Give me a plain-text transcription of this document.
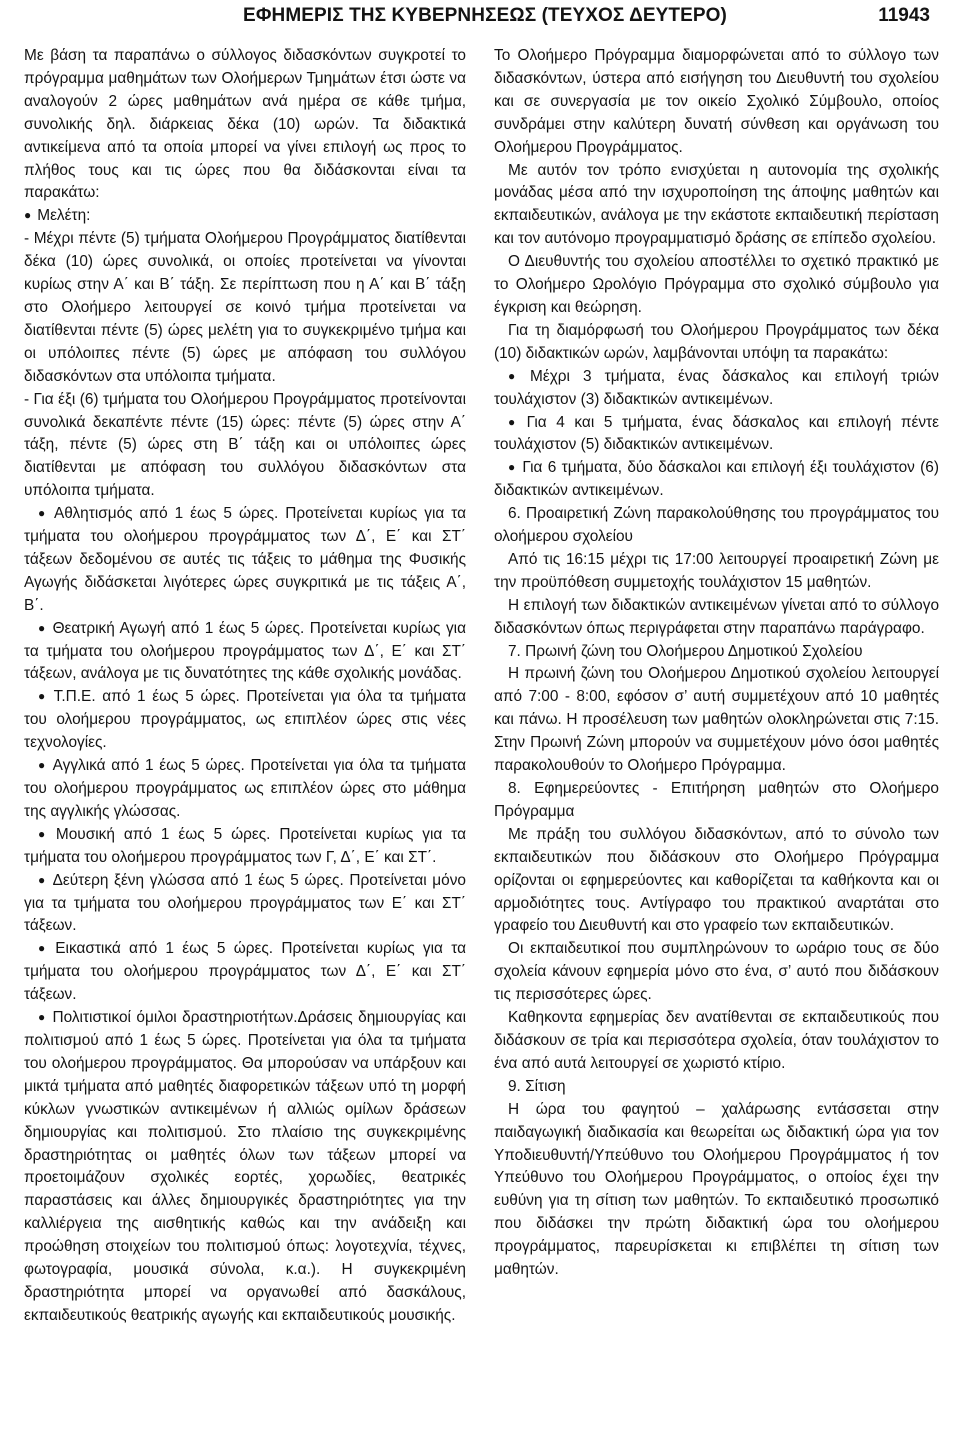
ΕΦΗΜΕΡΙΣ ΤΗΣ ΚΥΒΕΡΝΗΣΕΩΣ (ΤΕΥΧΟΣ ΔΕΥΤΕΡΟ)	11943

Με βάση τα παραπάνω ο σύλλογος διδασκόντων συγκροτεί το πρόγραμμα μαθημάτων των Ολοήμερων Τμημάτων έτσι ώστε να αναλογούν 2 ώρες μαθημάτων ανά ημέρα σε κάθε τμήμα, συνολικής δηλ. διάρκειας δέκα (10) ωρών. Τα διδακτικά αντικείμενα από τα οποία μπορεί να γίνει επιλογή ως προς το πλήθος τους και τις ώρες που θα διδάσκονται είναι τα παρακάτω:

● Μελέτη:

- Μέχρι πέντε (5) τμήματα Ολοήμερου Προγράμματος διατίθενται δέκα (10) ώρες συνολικά, οι οποίες προτείνεται να γίνονται κυρίως στην Α΄ και Β΄ τάξη. Σε περίπτωση που η Α΄ και Β΄ τάξη στο Ολοήμερο λειτουργεί σε κοινό τμήμα προτείνεται να διατίθενται πέντε (5) ώρες μελέτη για το συγκεκριμένο τμήμα και οι υπόλοιπες πέντε (5) ώρες με απόφαση του συλλόγου διδασκόντων στα υπόλοιπα τμήματα.

- Για έξι (6) τμήματα του Ολοήμερου Προγράμματος προτείνονται συνολικά δεκαπέντε πέντε (15) ώρες: πέντε (5) ώρες στην Α΄ τάξη, πέντε (5) ώρες στη Β΄ τάξη και οι υπόλοιπες ώρες διατίθενται με απόφαση του συλλόγου διδασκόντων στα υπόλοιπα τμήματα.

● Αθλητισμός από 1 έως 5 ώρες. Προτείνεται κυρίως για τα τμήματα του ολοήμερου προγράμματος των Δ΄, Ε΄ και ΣΤ΄ τάξεων δεδομένου σε αυτές τις τάξεις το μάθημα της Φυσικής Αγωγής διδάσκεται λιγότερες ώρες συγκριτικά με τις τάξεις Α΄, Β΄.

● Θεατρική Αγωγή από 1 έως 5 ώρες. Προτείνεται κυρίως για τα τμήματα του ολοήμερου προγράμματος των Δ΄, Ε΄ και ΣΤ΄ τάξεων, ανάλογα με τις δυνατότητες της κάθε σχολικής μονάδας.

● Τ.Π.Ε. από 1 έως 5 ώρες. Προτείνεται για όλα τα τμήματα του ολοήμερου προγράμματος, ως επιπλέον ώρες στις νέες τεχνολογίες.

● Αγγλικά από 1 έως 5 ώρες. Προτείνεται για όλα τα τμήματα του ολοήμερου προγράμματος ως επιπλέον ώρες στο μάθημα της αγγλικής γλώσσας.

● Μουσική από 1 έως 5 ώρες. Προτείνεται κυρίως για τα τμήματα του ολοήμερου προγράμματος των Γ, Δ΄, Ε΄ και ΣΤ΄.

● Δεύτερη ξένη γλώσσα από 1 έως 5 ώρες. Προτείνεται μόνο για τα τμήματα του ολοήμερου προγράμματος των Ε΄ και ΣΤ΄ τάξεων.

● Εικαστικά από 1 έως 5 ώρες. Προτείνεται κυρίως για τα τμήματα του ολοήμερου προγράμματος των Δ΄, Ε΄ και ΣΤ΄ τάξεων.

● Πολιτιστικοί όμιλοι δραστηριοτήτων.Δράσεις δημιουργίας και πολιτισμού από 1 έως 5 ώρες. Προτείνεται για όλα τα τμήματα του ολοήμερου προγράμματος. Θα μπορούσαν να υπάρξουν και μικτά τμήματα από μαθητές διαφορετικών τάξεων υπό τη μορφή κύκλων γνωστικών αντικειμένων ή αλλιώς ομίλων δράσεων δημιουργίας και πολιτισμού. Στο πλαίσιο της συγκεκριμένης δραστηριότητας οι μαθητές όλων των τάξεων μπορεί να προετοιμάζουν σχολικές εορτές, χορωδίες, θεατρικές παραστάσεις και άλλες δημιουργικές δραστηριότητες για την καλλιέργεια της αισθητικής καθώς και την ανάδειξη και προώθηση στοιχείων του πολιτισμού όπως: λογοτεχνία, τέχνες, φωτογραφία, μουσικά σύνολα, κ.α.). Η συγκεκριμένη δραστηριότητα μπορεί να οργανωθεί από δασκάλους, εκπαιδευτικούς θεατρικής αγωγής και εκπαιδευτικούς μουσικής.

Το Ολοήμερο Πρόγραμμα διαμορφώνεται από το σύλλογο των διδασκόντων, ύστερα από εισήγηση του Διευθυντή του σχολείου και σε συνεργασία με τον οικείο Σχολικό Σύμβουλο, οποίος συνδράμει στην καλύτερη δυνατή σύνθεση και οργάνωση του Ολοήμερου Προγράμματος.

Με αυτόν τον τρόπο ενισχύεται η αυτονομία της σχολικής μονάδας μέσα από την ισχυροποίηση της άποψης μαθητών και εκπαιδευτικών, ανάλογα με την εκάστοτε εκπαιδευτική περίσταση και τον αυτόνομο προγραμματισμό δράσης σε επίπεδο σχολείου.

Ο Διευθυντής του σχολείου αποστέλλει το σχετικό πρακτικό με το Ολοήμερο Ωρολόγιο Πρόγραμμα στο σχολικό σύμβουλο για έγκριση και θεώρηση.

Για τη διαμόρφωσή του Ολοήμερου Προγράμματος των δέκα (10) διδακτικών ωρών, λαμβάνονται υπόψη τα παρακάτω:

● Μέχρι 3 τμήματα, ένας δάσκαλος και επιλογή τριών τουλάχιστον (3) διδακτικών αντικειμένων.

● Για 4 και 5 τμήματα, ένας δάσκαλος και επιλογή πέντε τουλάχιστον (5) διδακτικών αντικειμένων.

● Για 6 τμήματα, δύο δάσκαλοι και επιλογή έξι τουλάχιστον (6) διδακτικών αντικειμένων.

6. Προαιρετική Ζώνη παρακολούθησης του προγράμματος του ολοήμερου σχολείου

Από τις 16:15 μέχρι τις 17:00 λειτουργεί προαιρετική Ζώνη με την προϋπόθεση συμμετοχής τουλάχιστον 15 μαθητών.

Η επιλογή των διδακτικών αντικειμένων γίνεται από το σύλλογο διδασκόντων όπως περιγράφεται στην παραπάνω παράγραφο.

7. Πρωινή ζώνη του Ολοήμερου Δημοτικού Σχολείου

Η πρωινή ζώνη του Ολοήμερου Δημοτικού σχολείου λειτουργεί από 7:00 - 8:00, εφόσον σ’ αυτή συμμετέχουν από 10 μαθητές και πάνω. Η προσέλευση των μαθητών ολοκληρώνεται στις 7:15. Στην Πρωινή Ζώνη μπορούν να συμμετέχουν μόνο όσοι μαθητές παρακολουθούν το Ολοήμερο Πρόγραμμα.

8. Εφημερεύοντες - Επιτήρηση μαθητών στο Ολοήμερο Πρόγραμμα

Με πράξη του συλλόγου διδασκόντων, από το σύνολο των εκπαιδευτικών που διδάσκουν στο Ολοήμερο Πρόγραμμα ορίζονται οι εφημερεύοντες και καθορίζεται τα καθήκοντα και οι αρμοδιότητες τους. Αντίγραφο του πρακτικού αναρτάται στο γραφείο του Διευθυντή και στο γραφείο των εκπαιδευτικών.

Οι εκπαιδευτικοί που συμπληρώνουν το ωράριο τους σε δύο σχολεία κάνουν εφημερία μόνο στο ένα, σ’ αυτό που διδάσκουν τις περισσότερες ώρες.

Καθηκοντα εφημερίας δεν ανατίθενται σε εκπαιδευτικούς που διδάσκουν σε τρία και περισσότερα σχολεία, όταν τουλάχιστον το ένα από αυτά λειτουργεί σε χωριστό κτίριο.

9. Σίτιση

Η ώρα του φαγητού – χαλάρωσης εντάσσεται στην παιδαγωγική διαδικασία και θεωρείται ως διδακτική ώρα για τον Υποδιευθυντή/Υπεύθυνο του Ολοήμερου Προγράμματος ή τον Υπεύθυνο του Ολοήμερου Προγράμματος, ο οποίος έχει την ευθύνη για τη σίτιση των μαθητών. Το εκπαιδευτικό προσωπικό που διδάσκει την πρώτη διδακτική ώρα του ολοήμερου προγράμματος, παρευρίσκεται κι επιβλέπει τη σίτιση των μαθητών.
